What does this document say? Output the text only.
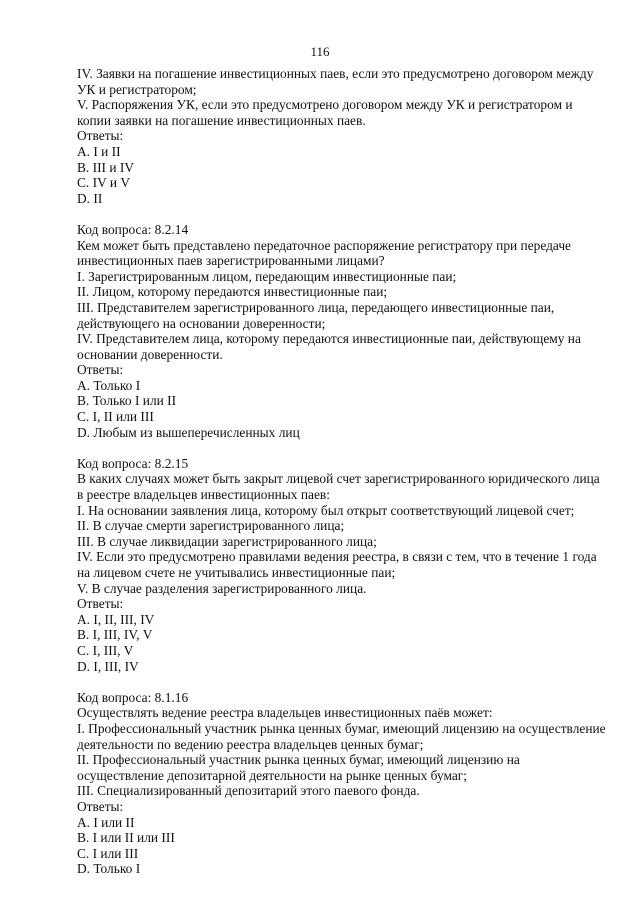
116
IV. Заявки на погашение инвестиционных паев, если это предусмотрено договором между
УК и регистратором;
V. Распоряжения УК, если это предусмотрено договором между УК и регистратором и
копии заявки на погашение инвестиционных паев.
Ответы:
A. I и II
B. III и IV
C. IV и V
D. II
Код вопроса: 8.2.14
Кем может быть представлено передаточное распоряжение регистратору при передаче
инвестиционных паев зарегистрированными лицами?
I. Зарегистрированным лицом, передающим инвестиционные паи;
II. Лицом, которому передаются инвестиционные паи;
III. Представителем зарегистрированного лица, передающего инвестиционные паи,
действующего на основании доверенности;
IV. Представителем лица, которому передаются инвестиционные паи, действующему на
основании доверенности.
Ответы:
A. Только I
B. Только I или II
C. I, II или III
D. Любым из вышеперечисленных лиц
Код вопроса: 8.2.15
В каких случаях может быть закрыт лицевой счет зарегистрированного юридического лица
в реестре владельцев инвестиционных паев:
I. На основании заявления лица, которому был открыт соответствующий лицевой счет;
II. В случае смерти зарегистрированного лица;
III. В случае ликвидации зарегистрированного лица;
IV. Если это предусмотрено правилами ведения реестра, в связи с тем, что в течение 1 года
на лицевом счете не учитывались инвестиционные паи;
V. В случае разделения зарегистрированного лица.
Ответы:
A. I, II, III, IV
B. I, III, IV, V
C. I, III, V
D. I, III, IV
Код вопроса: 8.1.16
Осуществлять ведение реестра владельцев инвестиционных паёв может:
I. Профессиональный участник рынка ценных бумаг, имеющий лицензию на осуществление
деятельности по ведению реестра владельцев ценных бумаг;
II. Профессиональный участник рынка ценных бумаг, имеющий лицензию на
осуществление депозитарной деятельности на рынке ценных бумаг;
III. Специализированный депозитарий этого паевого фонда.
Ответы:
A. I или II
B. I или II или III
C. I или III
D. Только I
